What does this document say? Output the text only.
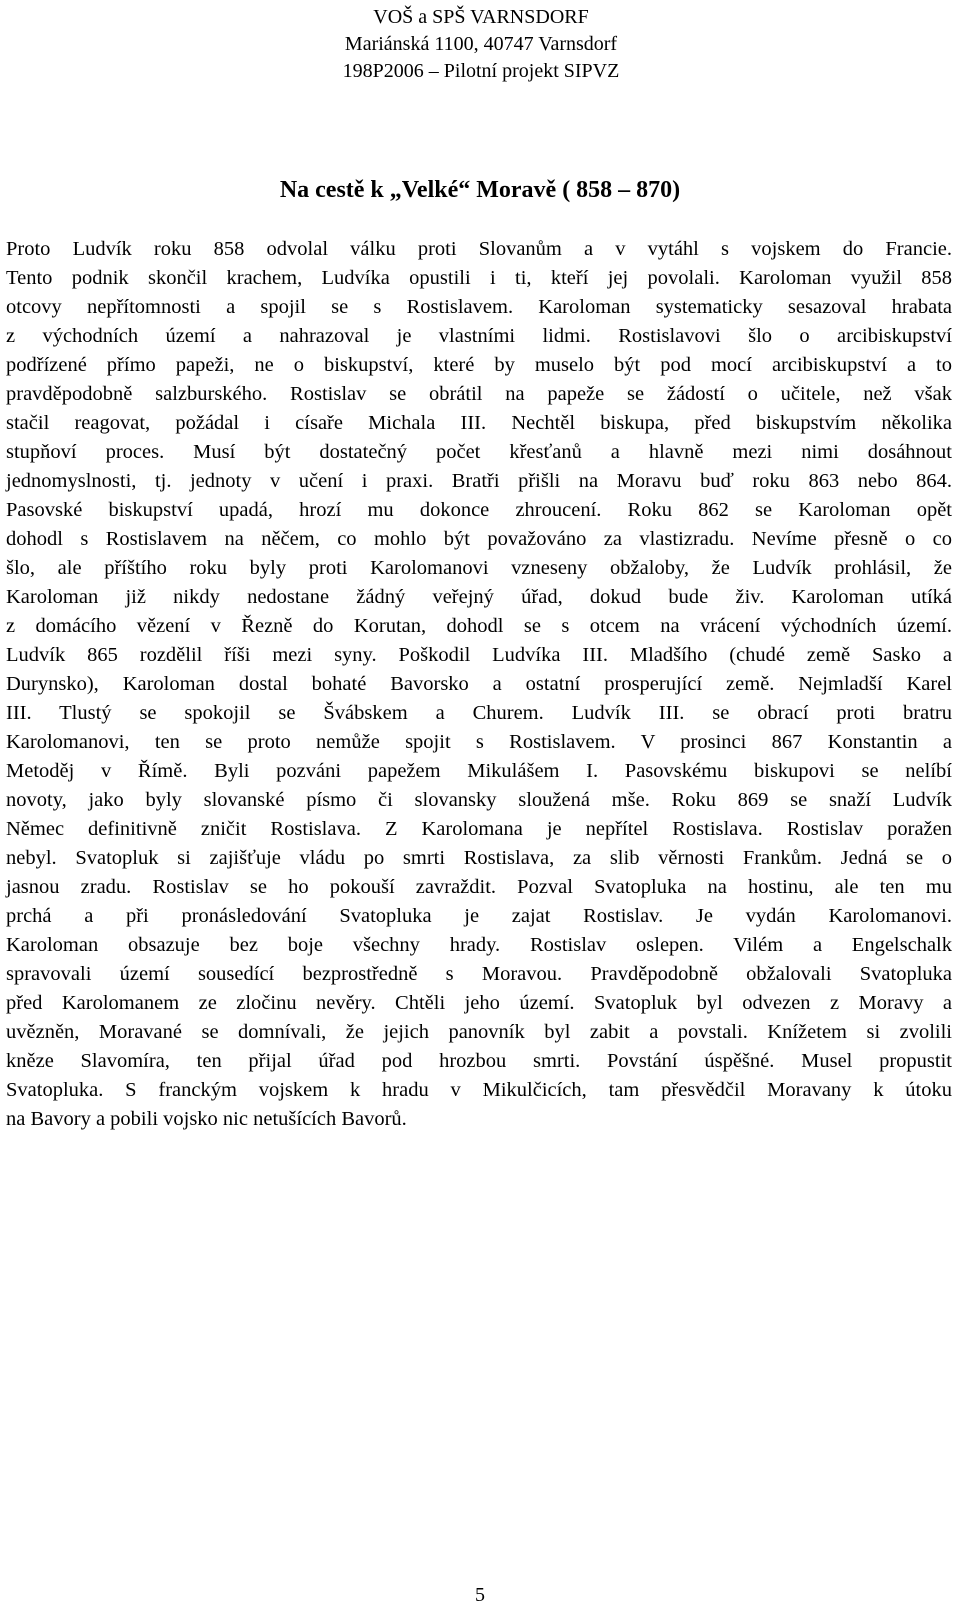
VOŠ a SPŠ VARNSDORF
Mariánská 1100, 40747 Varnsdorf
198P2006 – Pilotní projekt SIPVZ
Na cestě k „Velké“ Moravě ( 858 – 870)
Proto Ludvík roku 858 odvolal válku proti Slovanům a v vytáhl s vojskem do Francie.
Tento podnik skončil krachem, Ludvíka opustili i ti, kteří jej povolali. Karoloman využil 858
otcovy nepřítomnosti a spojil se s Rostislavem. Karoloman systematicky sesazoval hrabata
z východních území a nahrazoval je vlastními lidmi. Rostislavovi šlo o arcibiskupství
podřízené přímo papeži, ne o biskupství, které by muselo být pod mocí arcibiskupství a to
pravděpodobně salzburského. Rostislav se obrátil na papeže se žádostí o učitele, než však
stačil reagovat, požádal i císaře Michala III. Nechtěl biskupa, před biskupstvím několika
stupňoví proces. Musí být dostatečný počet křesťanů a hlavně mezi nimi dosáhnout
jednomyslnosti, tj. jednoty v učení i praxi. Bratři přišli na Moravu buď roku 863 nebo 864.
Pasovské biskupství upadá, hrozí mu dokonce zhroucení. Roku 862 se Karoloman opět
dohodl s Rostislavem na něčem, co mohlo být považováno za vlastizradu. Nevíme přesně o co
šlo, ale příštího roku byly proti Karolomanovi vzneseny obžaloby, že Ludvík prohlásil, že
Karoloman již nikdy nedostane žádný veřejný úřad, dokud bude živ. Karoloman utíká
z domácího vězení v Řezně do Korutan, dohodl se s otcem na vrácení východních území.
Ludvík 865 rozdělil říši mezi syny. Poškodil Ludvíka III. Mladšího (chudé země Sasko a
Durynsko), Karoloman dostal bohaté Bavorsko a ostatní prosperující země. Nejmladší Karel
III. Tlustý se spokojil se Švábskem a Churem. Ludvík III. se obrací proti bratru
Karolomanovi, ten se proto nemůže spojit s Rostislavem. V prosinci 867 Konstantin a
Metoděj v Římě. Byli pozváni papežem Mikulášem I. Pasovskému biskupovi se nelíbí
novoty, jako byly slovanské písmo či slovansky sloužená mše. Roku 869 se snaží Ludvík
Němec definitivně zničit Rostislava. Z Karolomana je nepřítel Rostislava. Rostislav poražen
nebyl. Svatopluk si zajišťuje vládu po smrti Rostislava, za slib věrnosti Frankům. Jedná se o
jasnou zradu. Rostislav se ho pokouší zavraždit. Pozval Svatopluka na hostinu, ale ten mu
prchá a při pronásledování Svatopluka je zajat Rostislav. Je vydán Karolomanovi.
Karoloman obsazuje bez boje všechny hrady. Rostislav oslepen. Vilém a Engelschalk
spravovali území sousedící bezprostředně s Moravou. Pravděpodobně obžalovali Svatopluka
před Karolomanem ze zločinu nevěry. Chtěli jeho území. Svatopluk byl odvezen z Moravy a
uvězněn, Moravané se domnívali, že jejich panovník byl zabit a povstali. Knížetem si zvolili
kněze Slavomíra, ten přijal úřad pod hrozbou smrti. Povstání úspěšné. Musel propustit
Svatopluka. S franckým vojskem k hradu v Mikulčicích, tam přesvědčil Moravany k útoku
na Bavory a pobili vojsko nic netušících Bavorů.
5
